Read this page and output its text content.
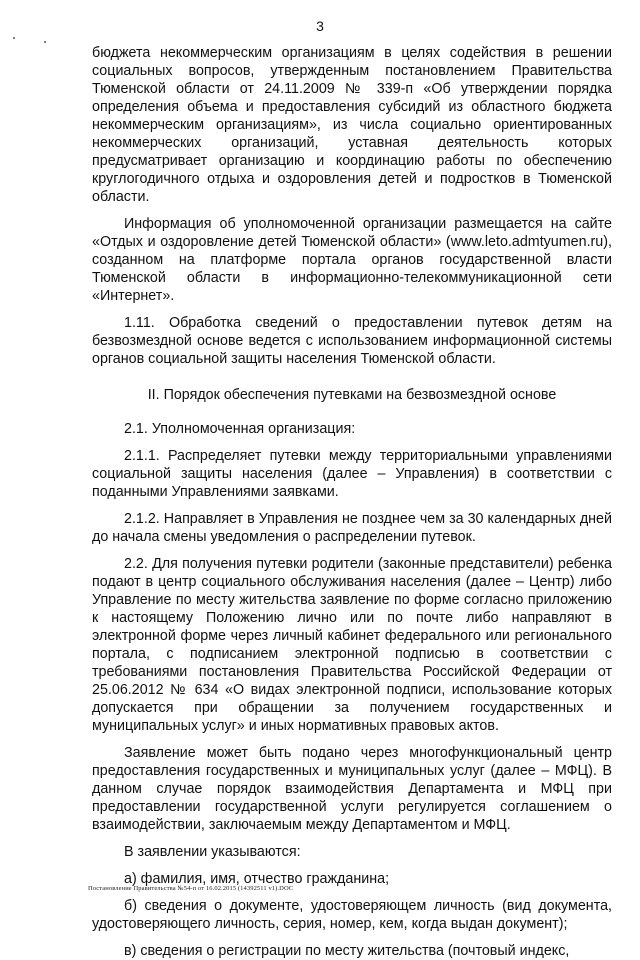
3

бюджета некоммерческим организациям в целях содействия в решении социальных вопросов, утвержденным постановлением Правительства Тюменской области от 24.11.2009 № 339-п «Об утверждении порядка определения объема и предоставления субсидий из областного бюджета некоммерческим организациям», из числа социально ориентированных некоммерческих организаций, уставная деятельность которых предусматривает организацию и координацию работы по обеспечению круглогодичного отдыха и оздоровления детей и подростков в Тюменской области.

Информация об уполномоченной организации размещается на сайте «Отдых и оздоровление детей Тюменской области» (www.leto.admtyumen.ru), созданном на платформе портала органов государственной власти Тюменской области в информационно-телекоммуникационной сети «Интернет».

1.11. Обработка сведений о предоставлении путевок детям на безвозмездной основе ведется с использованием информационной системы органов социальной защиты населения Тюменской области.

II. Порядок обеспечения путевками на безвозмездной основе

2.1. Уполномоченная организация:

2.1.1. Распределяет путевки между территориальными управлениями социальной защиты населения (далее – Управления) в соответствии с поданными Управлениями заявками.

2.1.2. Направляет в Управления не позднее чем за 30 календарных дней до начала смены уведомления о распределении путевок.

2.2. Для получения путевки родители (законные представители) ребенка подают в центр социального обслуживания населения (далее – Центр) либо Управление по месту жительства заявление по форме согласно приложению к настоящему Положению лично или по почте либо направляют в электронной форме через личный кабинет федерального или регионального портала, с подписанием электронной подписью в соответствии с требованиями постановления Правительства Российской Федерации от 25.06.2012 № 634 «О видах электронной подписи, использование которых допускается при обращении за получением государственных и муниципальных услуг» и иных нормативных правовых актов.

Заявление может быть подано через многофункциональный центр предоставления государственных и муниципальных услуг (далее – МФЦ). В данном случае порядок взаимодействия Департамента и МФЦ при предоставлении государственной услуги регулируется соглашением о взаимодействии, заключаемым между Департаментом и МФЦ.

В заявлении указываются:

а) фамилия, имя, отчество гражданина;

б) сведения о документе, удостоверяющем личность (вид документа, удостоверяющего личность, серия, номер, кем, когда выдан документ);

в) сведения о регистрации по месту жительства (почтовый индекс,

Постановление Правительства №54-п от 16.02.2015 (14392511 v1).DOC
